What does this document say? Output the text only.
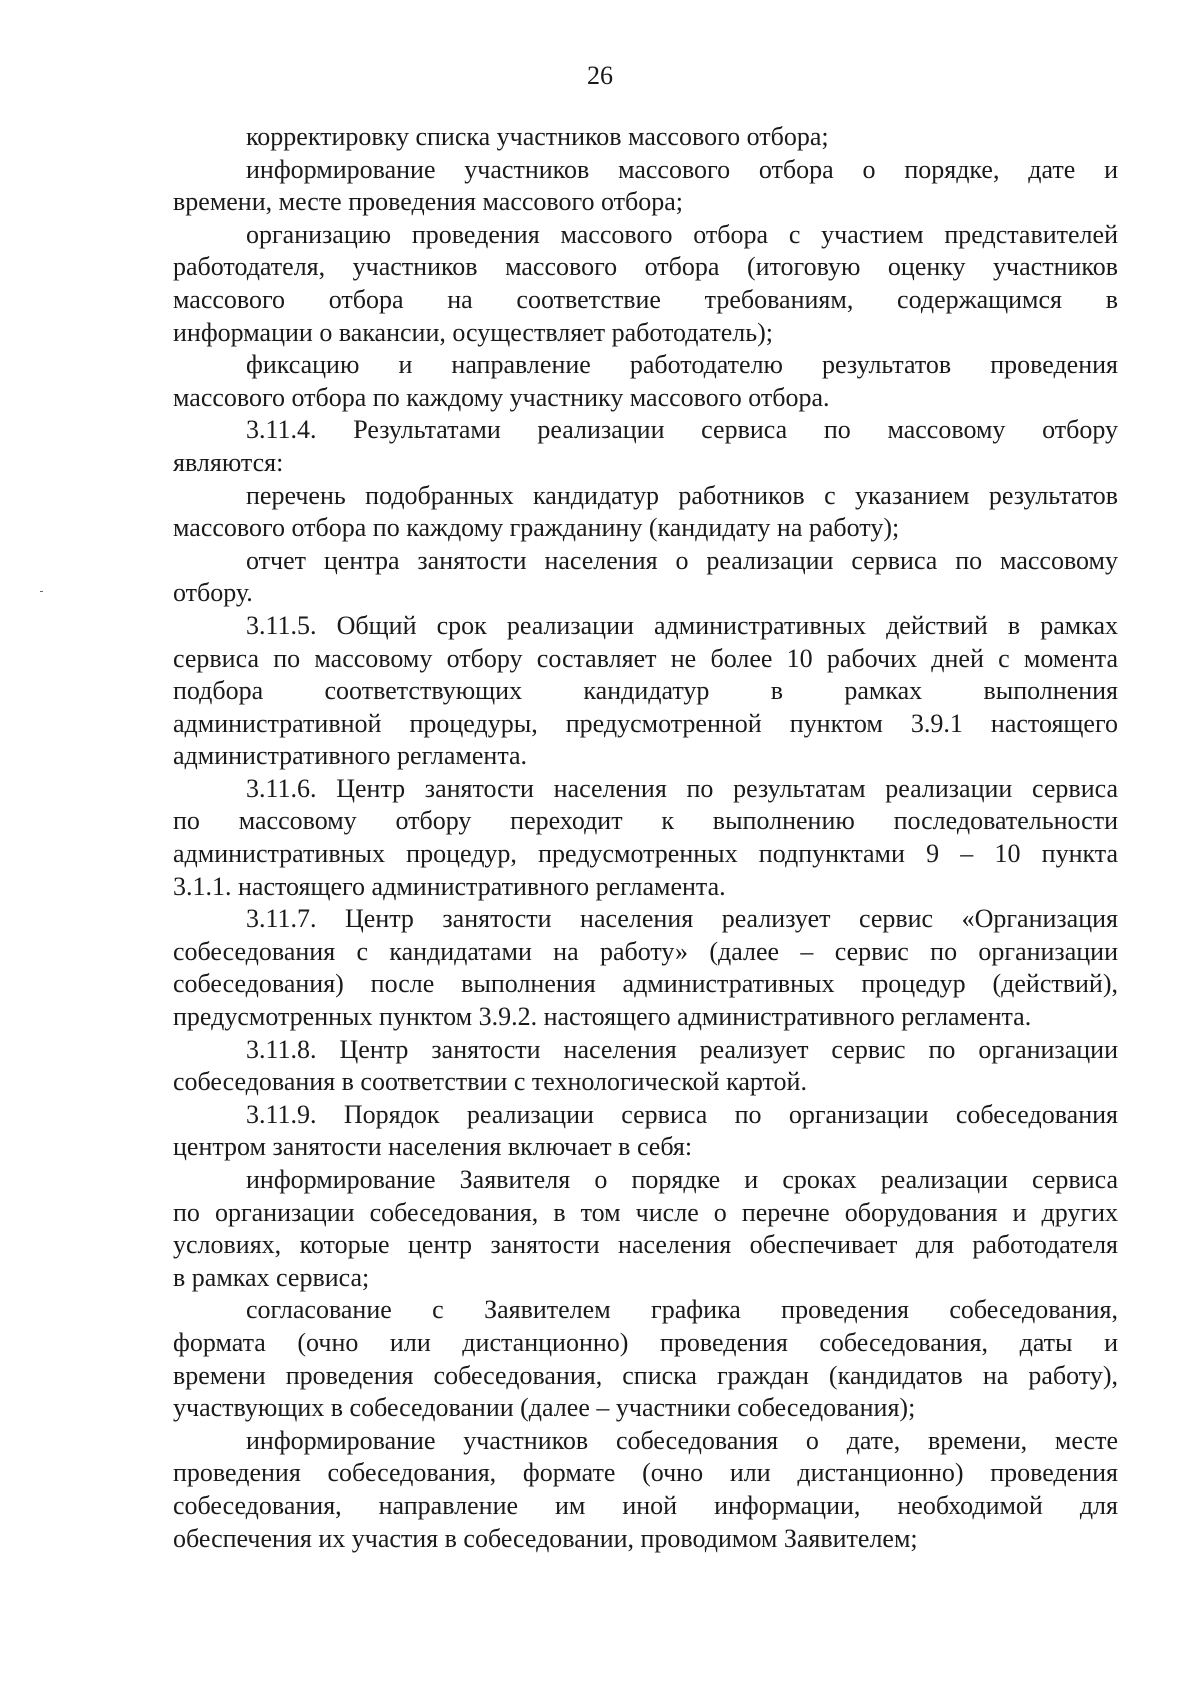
26
корректировку списка участников массового отбора;
информирование участников массового отбора о порядке, дате и
времени, месте проведения массового отбора;
организацию проведения массового отбора с участием представителей
работодателя, участников массового отбора (итоговую оценку участников
массового отбора на соответствие требованиям, содержащимся в
информации о вакансии, осуществляет работодатель);
фиксацию и направление работодателю результатов проведения
массового отбора по каждому участнику массового отбора.
3.11.4. Результатами реализации сервиса по массовому отбору
являются:
перечень подобранных кандидатур работников с указанием результатов
массового отбора по каждому гражданину (кандидату на работу);
отчет центра занятости населения о реализации сервиса по массовому
отбору.
3.11.5. Общий срок реализации административных действий в рамках
сервиса по массовому отбору составляет не более 10 рабочих дней с момента
подбора соответствующих кандидатур в рамках выполнения
административной процедуры, предусмотренной пунктом 3.9.1 настоящего
административного регламента.
3.11.6. Центр занятости населения по результатам реализации сервиса
по массовому отбору переходит к выполнению последовательности
административных процедур, предусмотренных подпунктами 9 – 10 пункта
3.1.1. настоящего административного регламента.
3.11.7. Центр занятости населения реализует сервис «Организация
собеседования с кандидатами на работу» (далее – сервис по организации
собеседования) после выполнения административных процедур (действий),
предусмотренных пунктом 3.9.2. настоящего административного регламента.
3.11.8. Центр занятости населения реализует сервис по организации
собеседования в соответствии с технологической картой.
3.11.9. Порядок реализации сервиса по организации собеседования
центром занятости населения включает в себя:
информирование Заявителя о порядке и сроках реализации сервиса
по организации собеседования, в том числе о перечне оборудования и других
условиях, которые центр занятости населения обеспечивает для работодателя
в рамках сервиса;
согласование с Заявителем графика проведения собеседования,
формата (очно или дистанционно) проведения собеседования, даты и
времени проведения собеседования, списка граждан (кандидатов на работу),
участвующих в собеседовании (далее – участники собеседования);
информирование участников собеседования о дате, времени, месте
проведения собеседования, формате (очно или дистанционно) проведения
собеседования, направление им иной информации, необходимой для
обеспечения их участия в собеседовании, проводимом Заявителем;
